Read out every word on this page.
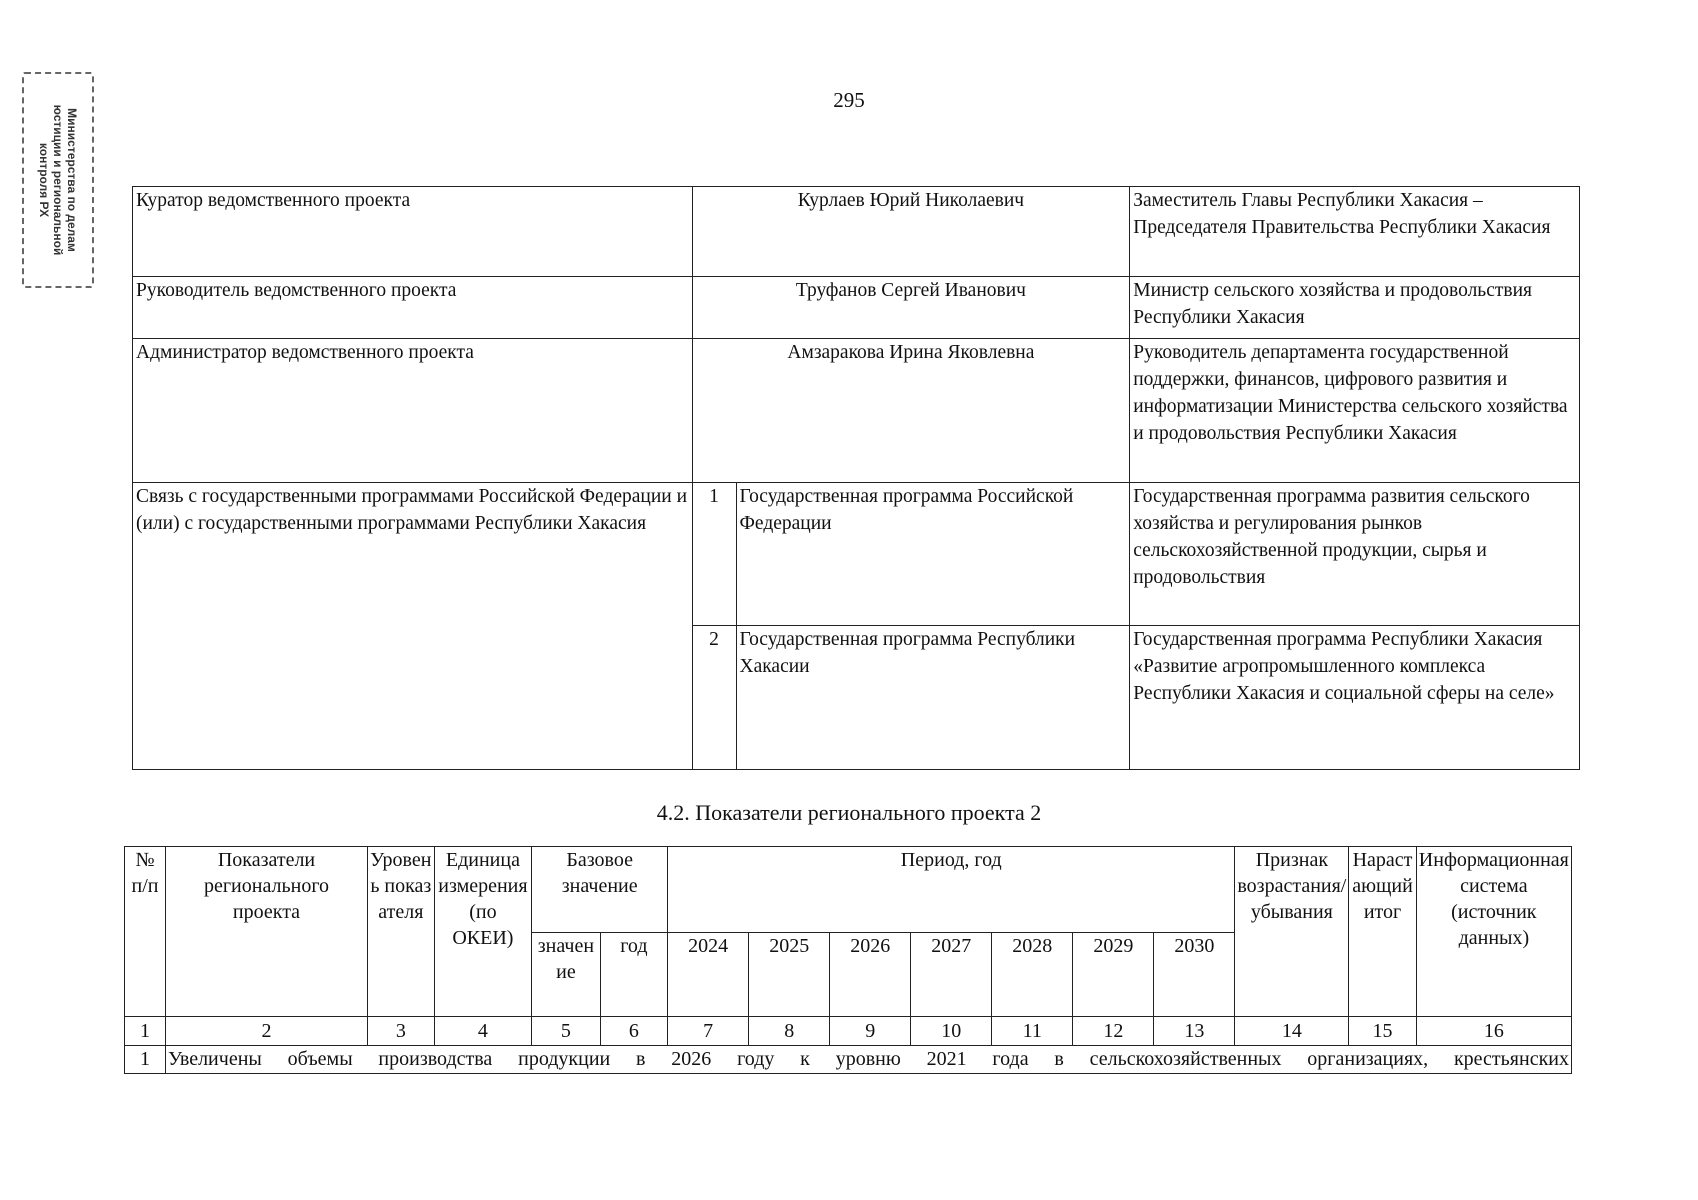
295
Министерства по делам
юстиции и региональной
контроля РХ	Куратор ведомственного проекта	Курлаев Юрий Николаевич		Заместитель Главы Республики Хакасия – Председателя Правительства Республики Хакасия
Руководитель ведомственного проекта	Труфанов Сергей Иванович		Министр сельского хозяйства и продовольствия Республики Хакасия
Администратор ведомственного проекта	Амзаракова Ирина Яковлевна		Руководитель департамента государственной поддержки, финансов, цифрового развития и информатизации Министерства сельского хозяйства и продовольствия Республики Хакасия
Связь с государственными программами Российской Федерации и (или) с государственными программами Республики Хакасия	1	Государственная программа Российской Федерации	Государственная программа развития сельского хозяйства и регулирования рынков сельскохозяйственной продукции, сырья и продовольствия
	2	Государственная программа Республики Хакасии	Государственная программа Республики Хакасия «Развитие агропромышленного комплекса Республики Хакасия и социальной сферы на селе»
4.2. Показатели регионального проекта 2
№ п/п	Показатели регионального проекта	Уровень показателя	Единица измерения (по ОКЕИ)	Базовое значение		Период, год							Признак возрастания/ убывания	Нарастающий итог	Информационная система (источник данных)
				значение	год	2024	2025	2026	2027	2028	2029	2030			
1	2	3	4	5	6	7	8	9	10	11	12	13	14	15	16
1	Увеличены объемы производства продукции в 2026 году к уровню 2021 года в сельскохозяйственных организациях, крестьянских														
